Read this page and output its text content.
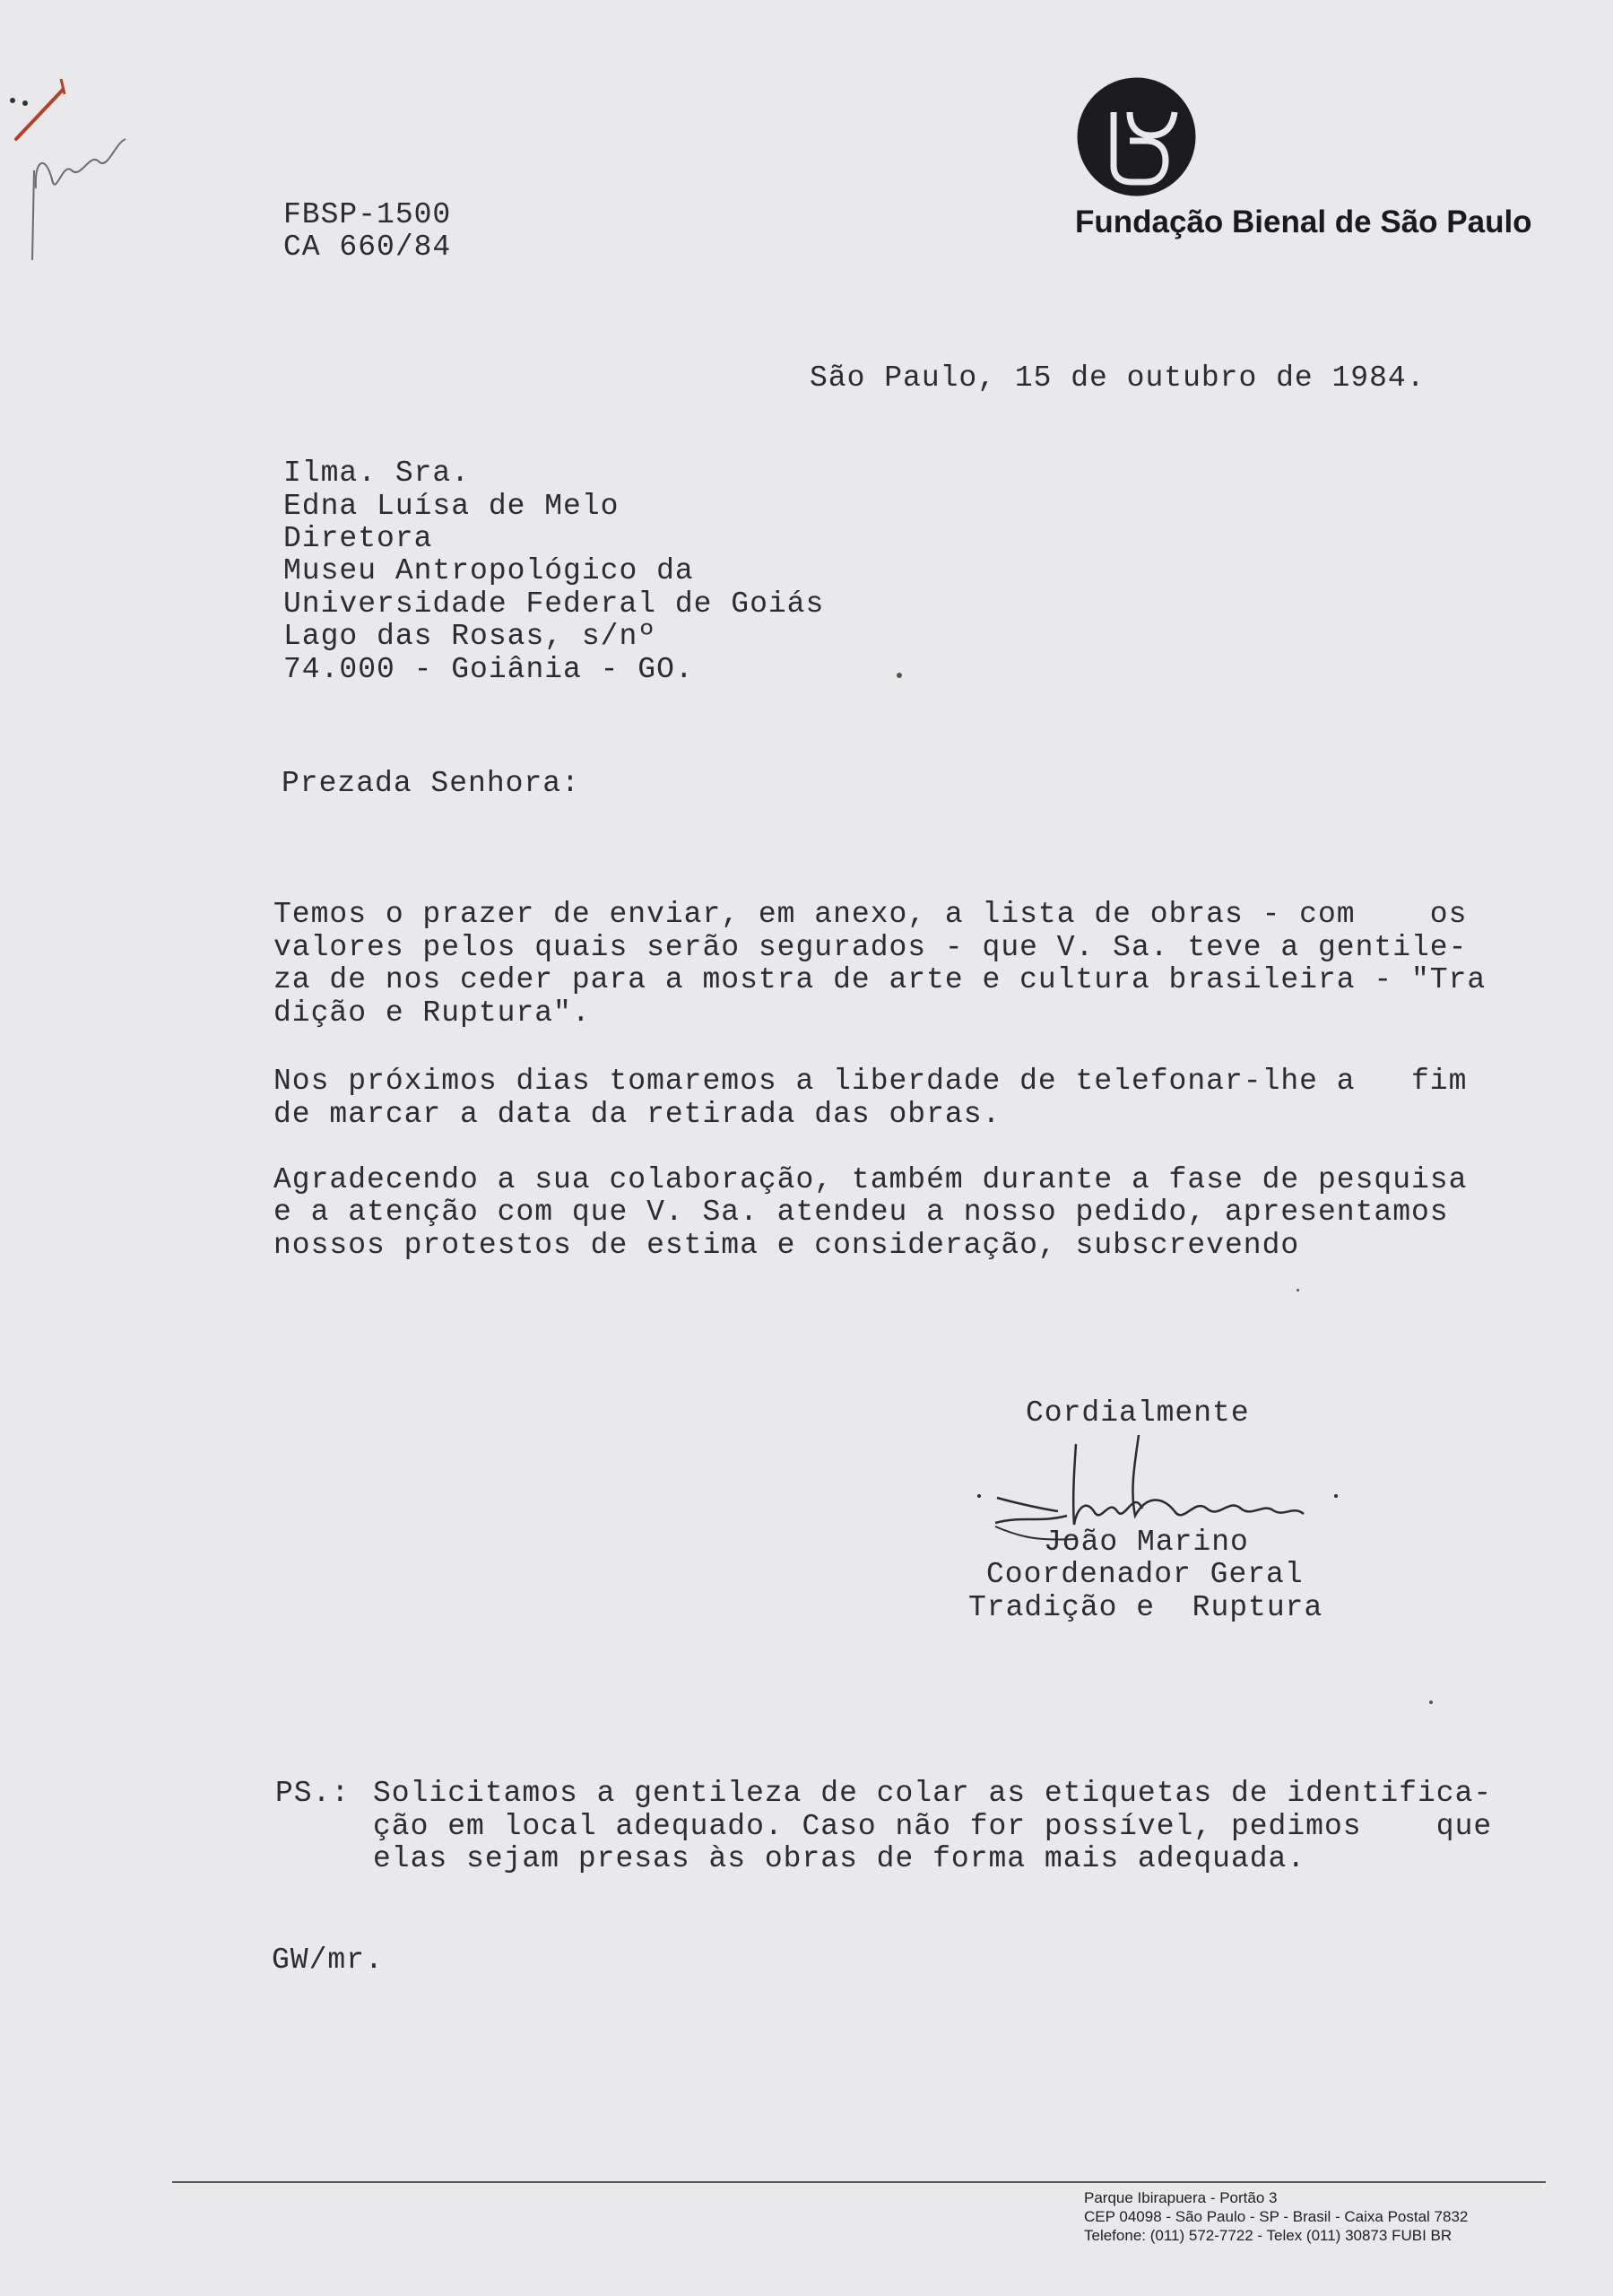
FBSP-1500
CA 660/84
Fundação Bienal de São Paulo
São Paulo, 15 de outubro de 1984.
Ilma. Sra.
Edna Luísa de Melo
Diretora
Museu Antropológico da
Universidade Federal de Goiás
Lago das Rosas, s/nº
74.000 - Goiânia - GO.
Prezada Senhora:
Temos o prazer de enviar, em anexo, a lista de obras - com    os
valores pelos quais serão segurados - que V. Sa. teve a gentile-
za de nos ceder para a mostra de arte e cultura brasileira - "Tra
dição e Ruptura".
Nos próximos dias tomaremos a liberdade de telefonar-lhe a   fim
de marcar a data da retirada das obras.
Agradecendo a sua colaboração, também durante a fase de pesquisa
e a atenção com que V. Sa. atendeu a nosso pedido, apresentamos
nossos protestos de estima e consideração, subscrevendo
Cordialmente
João Marino
Coordenador Geral
Tradição e  Ruptura
PS.: Solicitamos a gentileza de colar as etiquetas de identifica-
ção em local adequado. Caso não for possível, pedimos    que
elas sejam presas às obras de forma mais adequada.
GW/mr.
Parque Ibirapuera - Portão 3
CEP 04098 - São Paulo - SP - Brasil - Caixa Postal 7832
Telefone: (011) 572-7722 - Telex (011) 30873 FUBI BR
